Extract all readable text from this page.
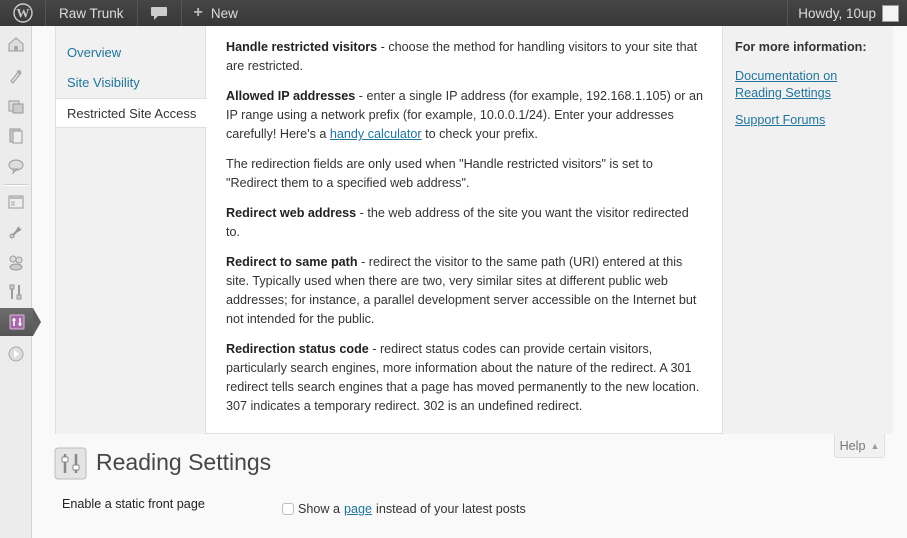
W	Raw Trunk	+ New	Howdy, 10up
Overview
Site Visibility
Restricted Site Access

Handle restricted visitors - choose the method for handling visitors to your site that are restricted.

Allowed IP addresses - enter a single IP address (for example, 192.168.1.105) or an IP range using a network prefix (for example, 10.0.0.1/24). Enter your addresses carefully! Here's a handy calculator to check your prefix.

The redirection fields are only used when "Handle restricted visitors" is set to "Redirect them to a specified web address".

Redirect web address - the web address of the site you want the visitor redirected to.

Redirect to same path - redirect the visitor to the same path (URI) entered at this site. Typically used when there are two, very similar sites at different public web addresses; for instance, a parallel development server accessible on the Internet but not intended for the public.

Redirection status code - redirect status codes can provide certain visitors, particularly search engines, more information about the nature of the redirect. A 301 redirect tells search engines that a page has moved permanently to the new location. 307 indicates a temporary redirect. 302 is an undefined redirect.

For more information:
Documentation on Reading Settings
Support Forums
Help ▲
Reading Settings
Enable a static front page	Show a page instead of your latest posts
